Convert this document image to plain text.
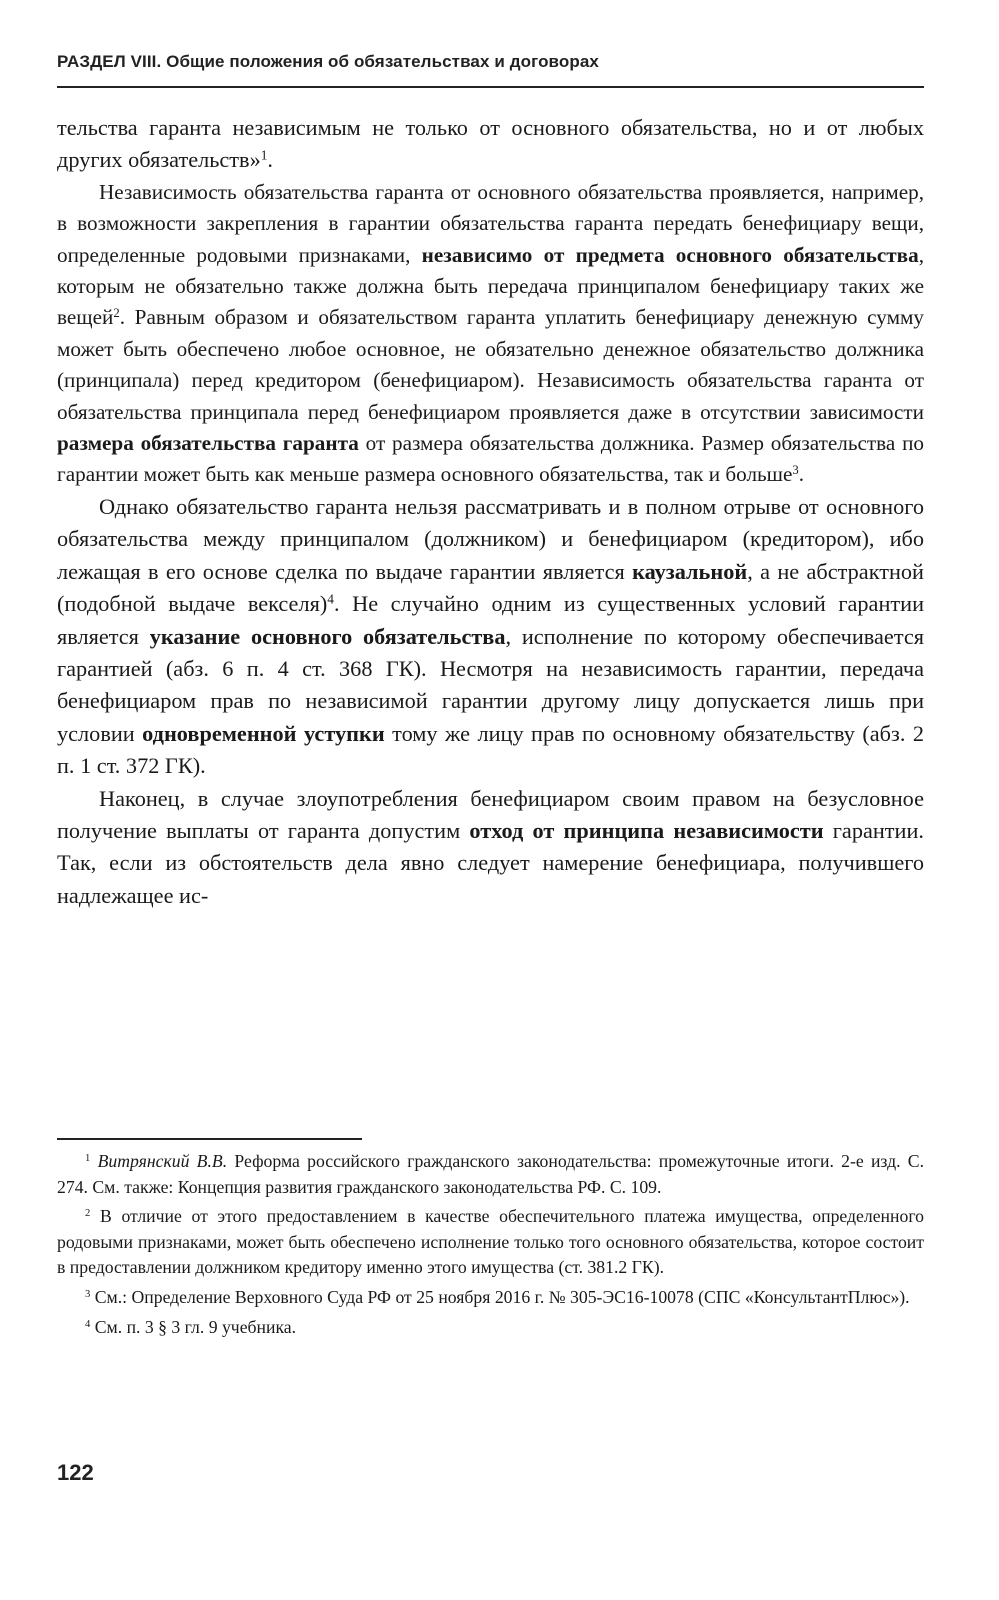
РАЗДЕЛ VIII. Общие положения об обязательствах и договорах

тельства гаранта независимым не только от основного обязательства, но и от любых других обязательств»$^1$.

Независимость обязательства гаранта от основного обязательства проявляется, например, в возможности закрепления в гарантии обязательства гаранта передать бенефициару вещи, определенные родовыми признаками, независимо от предмета основного обязательства, которым не обязательно также должна быть передача принципалом бенефициару таких же вещей$^2$. Равным образом и обязательством гаранта уплатить бенефициару денежную сумму может быть обеспечено любое основное, не обязательно денежное обязательство должника (принципала) перед кредитором (бенефициаром). Независимость обязательства гаранта от обязательства принципала перед бенефициаром проявляется даже в отсутствии зависимости размера обязательства гаранта от размера обязательства должника. Размер обязательства по гарантии может быть как меньше размера основного обязательства, так и больше$^3$.

Однако обязательство гаранта нельзя рассматривать и в полном отрыве от основного обязательства между принципалом (должником) и бенефициаром (кредитором), ибо лежащая в его основе сделка по выдаче гарантии является каузальной, а не абстрактной (подобной выдаче векселя)$^4$. Не случайно одним из существенных условий гарантии является указание основного обязательства, исполнение по которому обеспечивается гарантией (абз. 6 п. 4 ст. 368 ГК). Несмотря на независимость гарантии, передача бенефициаром прав по независимой гарантии другому лицу допускается лишь при условии одновременной уступки тому же лицу прав по основному обязательству (абз. 2 п. 1 ст. 372 ГК).

Наконец, в случае злоупотребления бенефициаром своим правом на безусловное получение выплаты от гаранта допустим отход от принципа независимости гарантии. Так, если из обстоятельств дела явно следует намерение бенефициара, получившего надлежащее ис-

$^1$ Витрянский В.В. Реформа российского гражданского законодательства: промежуточные итоги. 2-е изд. С. 274. См. также: Концепция развития гражданского законодательства РФ. С. 109.

$^2$ В отличие от этого предоставлением в качестве обеспечительного платежа имущества, определенного родовыми признаками, может быть обеспечено исполнение только того основного обязательства, которое состоит в предоставлении должником кредитору именно этого имущества (ст. 381.2 ГК).

$^3$ См.: Определение Верховного Суда РФ от 25 ноября 2016 г. № 305-ЭС16-10078 (СПС «КонсультантПлюс»).

$^4$ См. п. 3 § 3 гл. 9 учебника.

122
